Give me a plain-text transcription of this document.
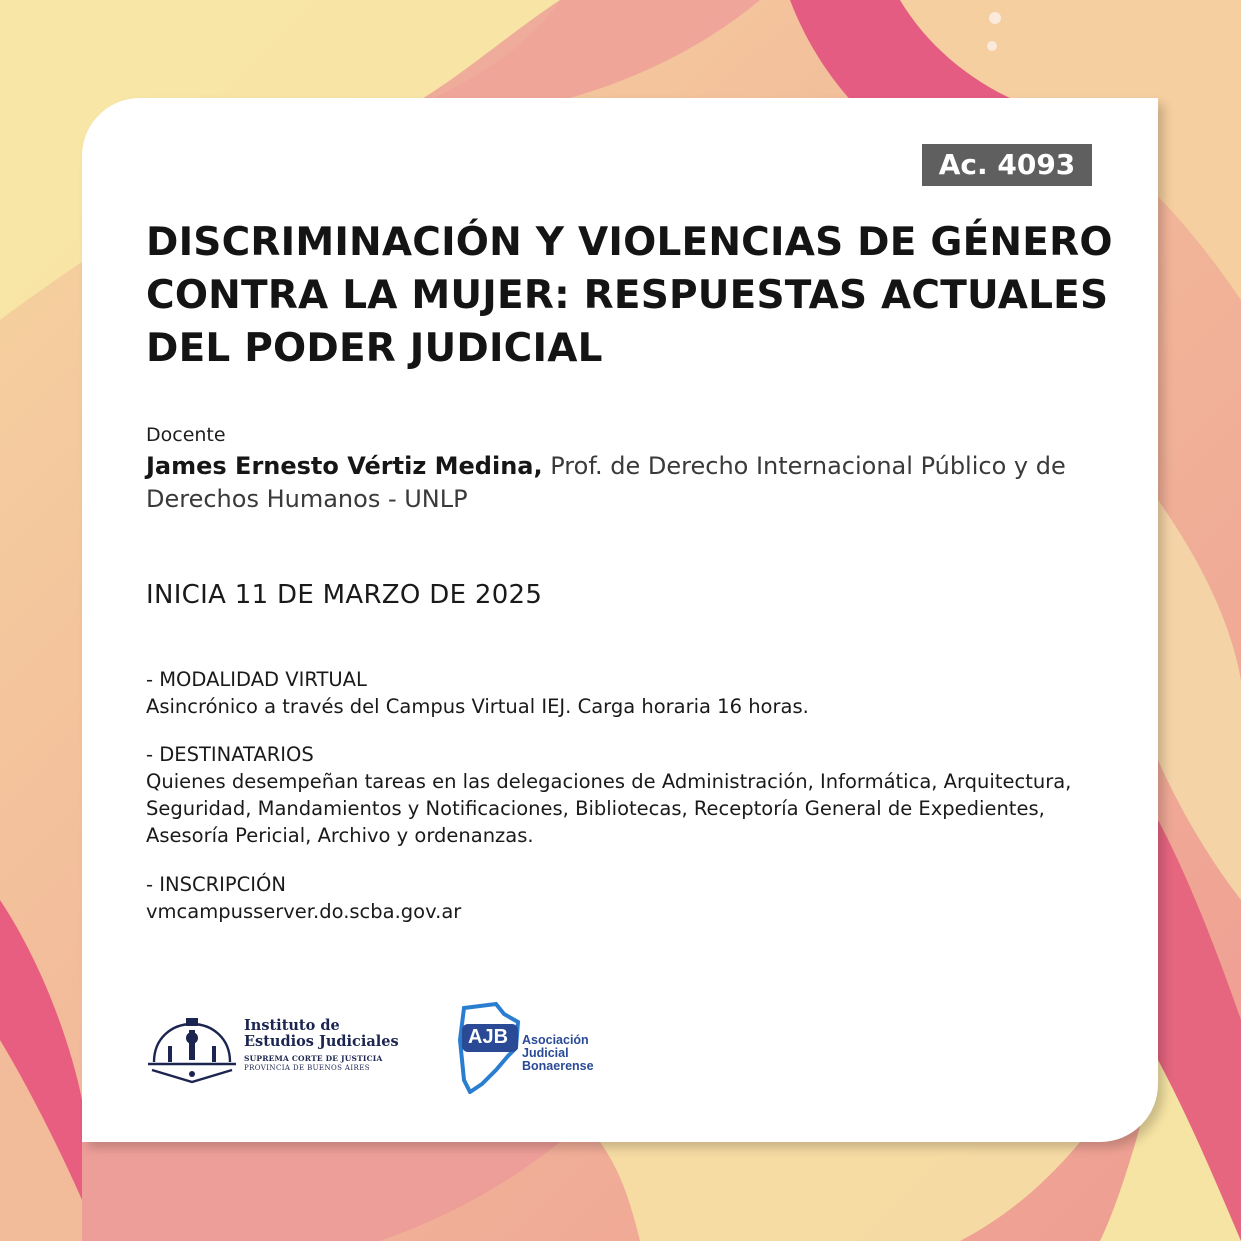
Ac. 4093
DISCRIMINACIÓN Y VIOLENCIAS DE GÉNERO
CONTRA LA MUJER: RESPUESTAS ACTUALES
DEL PODER JUDICIAL
Docente
James Ernesto Vértiz Medina, Prof. de Derecho Internacional Público y de
Derechos Humanos - UNLP
INICIA 11 DE MARZO DE 2025
- MODALIDAD VIRTUAL
Asincrónico a través del Campus Virtual IEJ. Carga horaria 16 horas.
- DESTINATARIOS
Quienes desempeñan tareas en las delegaciones de Administración, Informática, Arquitectura,
Seguridad, Mandamientos y Notificaciones, Bibliotecas, Receptoría General de Expedientes,
Asesoría Pericial, Archivo y ordenanzas.
- INSCRIPCIÓN
vmcampusserver.do.scba.gov.ar
Instituto de
Estudios Judiciales
SUPREMA CORTE DE JUSTICIA
PROVINCIA DE BUENOS AIRES
AJB Asociación
Judicial
Bonaerense
